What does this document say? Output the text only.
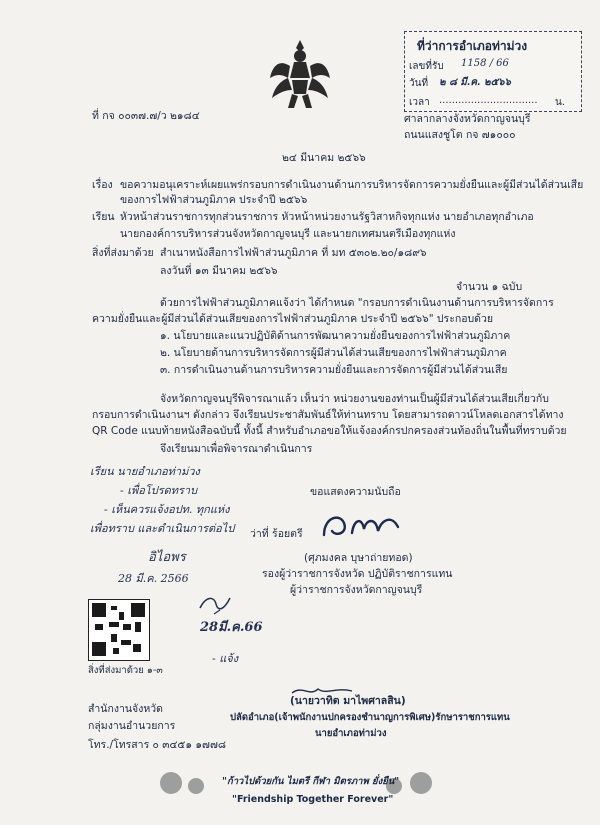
ที่ว่าการอำเภอท่าม่วง
เลขที่รับ 1158 / 66
วันที่ ๒ ๘ มี.ค. ๒๕๖๖
เวลา ............................... น.
ที่ กจ ๐๐๓๗.๗/ว ๒๑๘๔	ศาลากลางจังหวัดกาญจนบุรี
ถนนแสงชูโต กจ ๗๑๐๐๐
๒๔ มีนาคม ๒๕๖๖
เรื่อง ขอความอนุเคราะห์เผยแพร่กรอบการดำเนินงานด้านการบริหารจัดการความยั่งยืนและผู้มีส่วนได้ส่วนเสีย
ของการไฟฟ้าส่วนภูมิภาค ประจำปี ๒๕๖๖
เรียน หัวหน้าส่วนราชการทุกส่วนราชการ หัวหน้าหน่วยงานรัฐวิสาหกิจทุกแห่ง นายอำเภอทุกอำเภอ
นายกองค์การบริหารส่วนจังหวัดกาญจนบุรี และนายกเทศมนตรีเมืองทุกแห่ง
สิ่งที่ส่งมาด้วย สำเนาหนังสือการไฟฟ้าส่วนภูมิภาค ที่ มท ๕๓๐๒.๒๐/๑๘๙๖
ลงวันที่ ๑๓ มีนาคม ๒๕๖๖
จำนวน ๑ ฉบับ
ด้วยการไฟฟ้าส่วนภูมิภาคแจ้งว่า ได้กำหนด "กรอบการดำเนินงานด้านการบริหารจัดการ
ความยั่งยืนและผู้มีส่วนได้ส่วนเสียของการไฟฟ้าส่วนภูมิภาค ประจำปี ๒๕๖๖" ประกอบด้วย
๑. นโยบายและแนวปฏิบัติด้านการพัฒนาความยั่งยืนของการไฟฟ้าส่วนภูมิภาค
๒. นโยบายด้านการบริหารจัดการผู้มีส่วนได้ส่วนเสียของการไฟฟ้าส่วนภูมิภาค
๓. การดำเนินงานด้านการบริหารความยั่งยืนและการจัดการผู้มีส่วนได้ส่วนเสีย
จังหวัดกาญจนบุรีพิจารณาแล้ว เห็นว่า หน่วยงานของท่านเป็นผู้มีส่วนได้ส่วนเสียเกี่ยวกับ
กรอบการดำเนินงานฯ ดังกล่าว จึงเรียนประชาสัมพันธ์ให้ท่านทราบ โดยสามารถดาวน์โหลดเอกสารได้ทาง
QR Code แนบท้ายหนังสือฉบับนี้ ทั้งนี้ สำหรับอำเภอขอให้แจ้งองค์กรปกครองส่วนท้องถิ่นในพื้นที่ทราบด้วย
จึงเรียนมาเพื่อพิจารณาดำเนินการ
ขอแสดงความนับถือ
เรียน นายอำเภอท่าม่วง
- เพื่อโปรดทราบ
- เห็นควรแจ้งอปท. ทุกแห่ง
เพื่อทราบ และดำเนินการต่อไป
อิไอพร
28 มี.ค. 2566
28มี.ค.66
- แจ้ง
ว่าที่ ร้อยตรี
(ศุภมงคล บุษาถ่ายทอด)
รองผู้ว่าราชการจังหวัด ปฏิบัติราชการแทน
ผู้ว่าราชการจังหวัดกาญจนบุรี
สิ่งที่ส่งมาด้วย ๑-๓
(นายวาทิต มาไพศาลสิน)
ปลัดอำเภอ(เจ้าพนักงานปกครองชำนาญการพิเศษ)รักษาราชการแทน
นายอำเภอท่าม่วง
สำนักงานจังหวัด
กลุ่มงานอำนวยการ
โทร./โทรสาร ๐ ๓๔๕๑ ๑๗๗๘
"ก้าวไปด้วยกัน ไมตรี กีฬา มิตรภาพ ยั่งยืน"
"Friendship Together Forever"
